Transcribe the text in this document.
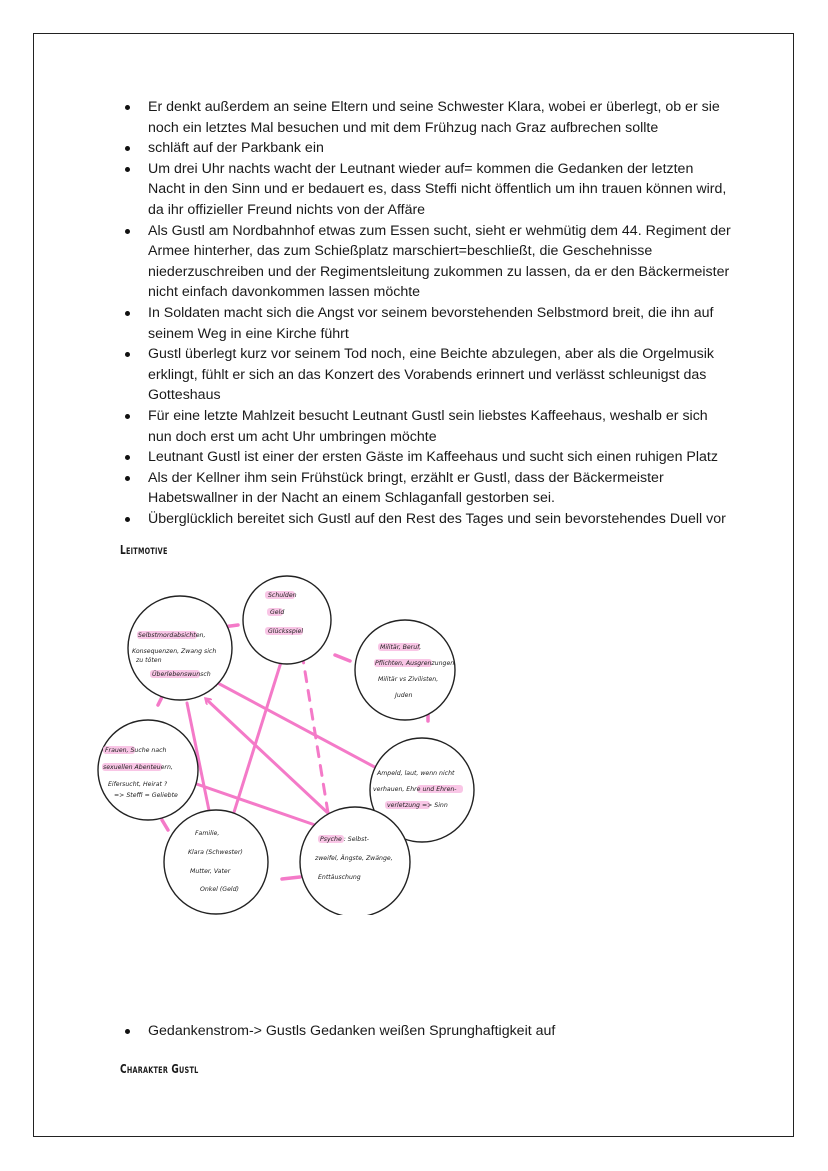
Er denkt außerdem an seine Eltern und seine Schwester Klara, wobei er überlegt, ob er sie noch ein letztes Mal besuchen und mit dem Frühzug nach Graz aufbrechen sollte
schläft auf der Parkbank ein
Um drei Uhr nachts wacht der Leutnant wieder auf= kommen die Gedanken der letzten Nacht in den Sinn und er bedauert es, dass Steffi nicht öffentlich um ihn trauen können wird, da ihr offizieller Freund nichts von der Affäre
Als Gustl am Nordbahnhof etwas zum Essen sucht, sieht er wehmütig dem 44. Regiment der Armee hinterher, das zum Schießplatz marschiert=beschließt, die Geschehnisse niederzuschreiben und der Regimentsleitung zukommen zu lassen, da er den Bäckermeister nicht einfach davonkommen lassen möchte
In Soldaten macht sich die Angst vor seinem bevorstehenden Selbstmord breit, die ihn auf seinem Weg in eine Kirche führt
Gustl überlegt kurz vor seinem Tod noch, eine Beichte abzulegen, aber als die Orgelmusik erklingt, fühlt er sich an das Konzert des Vorabends erinnert und verlässt schleunigst das Gotteshaus
Für eine letzte Mahlzeit besucht Leutnant Gustl sein liebstes Kaffeehaus, weshalb er sich nun doch erst um acht Uhr umbringen möchte
Leutnant Gustl ist einer der ersten Gäste im Kaffeehaus und sucht sich einen ruhigen Platz
Als der Kellner ihm sein Frühstück bringt, erzählt er Gustl, dass der Bäckermeister Habetswallner in der Nacht an einem Schlaganfall gestorben sei.
Überglücklich bereitet sich Gustl auf den Rest des Tages und sein bevorstehendes Duell vor
Leitmotive
Schulden
Geld
Glücksspiel
Selbstmordabsichten,
Konsequenzen, Zwang sich
zu töten
Überlebenswunsch
Militär, Beruf,
Pflichten, Ausgrenzungen
Militär vs Zivilisten,
Juden
Frauen, Suche nach
sexuellen Abenteuern,
Eifersucht, Heirat ?
=> Steffi = Geliebte
Ampeld, laut, wenn nicht
verhauen, Ehre und Ehren-
verletzung => Sinn
Psyche : Selbst-
zweifel, Ängste, Zwänge,
Enttäuschung
Familie,
Klara (Schwester)
Mutter, Vater
Onkel (Geld)
Gedankenstrom-> Gustls Gedanken weißen Sprunghaftigkeit auf
Charakter Gustl
